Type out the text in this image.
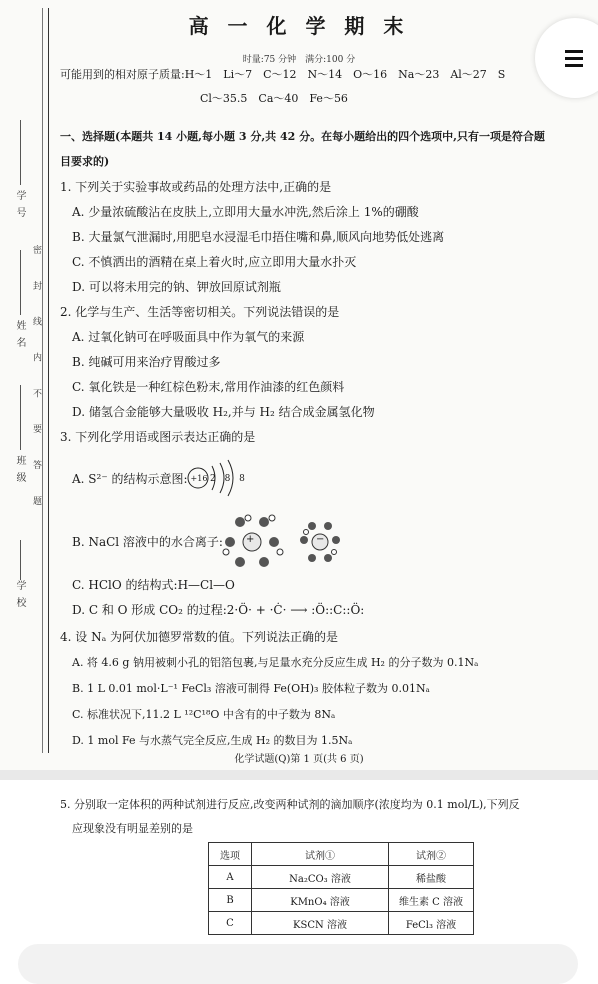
学 校
班 级
姓 名
学 号
密 封 线 内 不 要 答 题
高 一 化 学 期 末
时量:75 分钟　满分:100 分
可能用到的相对原子质量:H～1　Li～7　C～12　N～14　O～16　Na～23　Al～27　S
Cl～35.5　Ca～40　Fe～56
一、选择题(本题共 14 小题,每小题 3 分,共 42 分。在每小题给出的四个选项中,只有一项是符合题
目要求的)
1. 下列关于实验事故或药品的处理方法中,正确的是
A. 少量浓硫酸沾在皮肤上,立即用大量水冲洗,然后涂上 1%的硼酸
B. 大量氯气泄漏时,用肥皂水浸湿毛巾捂住嘴和鼻,顺风向地势低处逃离
C. 不慎洒出的酒精在桌上着火时,应立即用大量水扑灭
D. 可以将未用完的钠、钾放回原试剂瓶
2. 化学与生产、生活等密切相关。下列说法错误的是
A. 过氧化钠可在呼吸面具中作为氧气的来源
B. 纯碱可用来治疗胃酸过多
C. 氧化铁是一种红棕色粉末,常用作油漆的红色颜料
D. 储氢合金能够大量吸收 H₂,并与 H₂ 结合成金属氢化物
3. 下列化学用语或图示表达正确的是
A. S²⁻ 的结构示意图: +16 2 8 8
B. NaCl 溶液中的水合离子: +	−
C. HClO 的结构式:H—Cl—O
D. C 和 O 形成 CO₂ 的过程:2·Ö· + ·Ċ· ⟶ :Ö::C::Ö:
4. 设 Nₐ 为阿伏加德罗常数的值。下列说法正确的是
A. 将 4.6 g 钠用被刺小孔的铝箔包裹,与足量水充分反应生成 H₂ 的分子数为 0.1Nₐ
B. 1 L 0.01 mol·L⁻¹ FeCl₃ 溶液可制得 Fe(OH)₃ 胶体粒子数为 0.01Nₐ
C. 标准状况下,11.2 L ¹²C¹⁸O 中含有的中子数为 8Nₐ
D. 1 mol Fe 与水蒸气完全反应,生成 H₂ 的数目为 1.5Nₐ
化学试题(Q)第 1 页(共 6 页)
5. 分别取一定体积的两种试剂进行反应,改变两种试剂的滴加顺序(浓度均为 0.1 mol/L),下列反
应现象没有明显差别的是
选项	试剂①	试剂②
A	Na₂CO₃ 溶液	稀盐酸
B	KMnO₄ 溶液	维生素 C 溶液
C	KSCN 溶液	FeCl₃ 溶液
